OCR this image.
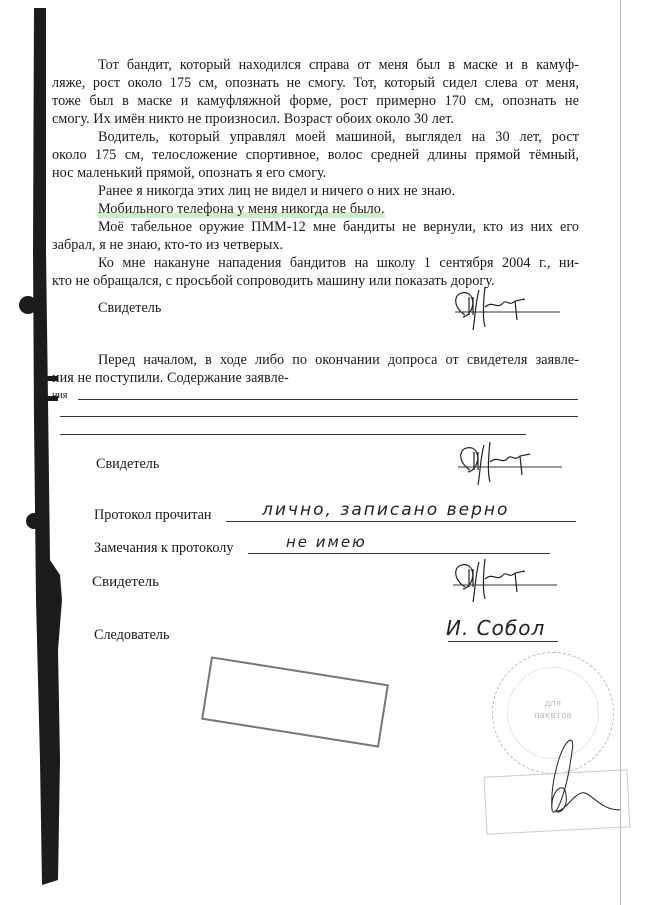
Тот бандит, который находился справа от меня был в маске и в камуф-
ляже, рост около 175 см, опознать не смогу. Тот, который сидел слева от меня,
тоже был в маске и камуфляжной форме, рост примерно 170 см, опознать не
смогу. Их имён никто не произносил. Возраст обоих около 30 лет.
Водитель, который управлял моей машиной, выглядел на 30 лет, рост
около 175 см, телосложение спортивное, волос средней длины прямой тёмный,
нос маленький прямой, опознать я его смогу.
Ранее я никогда этих лиц не видел и ничего о них не знаю.
Мобильного телефона у меня никогда не было.
Моё табельное оружие ПММ-12 мне бандиты не вернули, кто из них его
забрал, я не знаю, кто-то из четверых.
Ко мне накануне нападения бандитов на школу 1 сентября 2004 г., ни-
кто не обращался, с просьбой сопроводить машину или показать дорогу.
Свидетель
Перед началом, в ходе либо по окончании допроса от свидетеля заявле-
ния не поступили. Содержание заявле-
ния
Свидетель
Протокол прочитан	лично, записано верно
Замечания к протоколу	не имею
Свидетель
Следователь	И. Собол
для
пакетов
